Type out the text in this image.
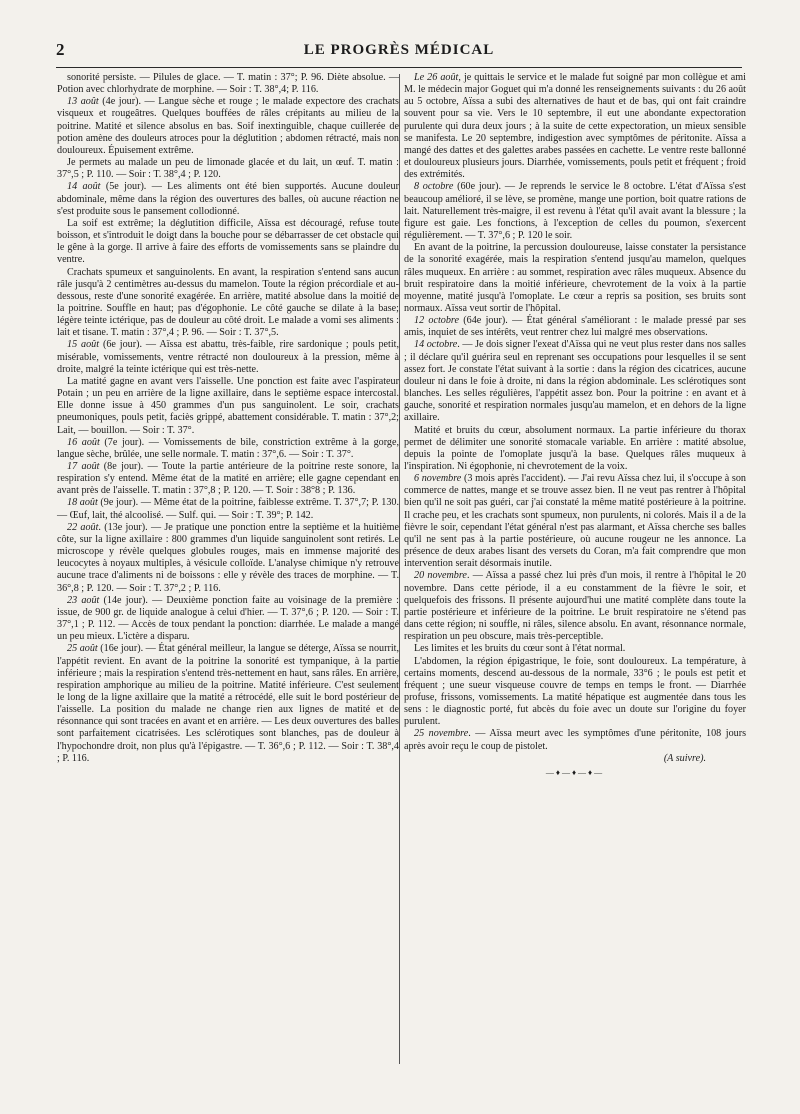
2	LE PROGRÈS MÉDICAL

sonorité persiste. — Pilules de glace. — T. matin : 37°; P. 96. Diète absolue. — Potion avec chlorhydrate de morphine. — Soir : T. 38°,4; P. 116.

13 août (4e jour). — Langue sèche et rouge ; le malade expectore des crachats visqueux et rougeâtres. Quelques bouffées de râles crépitants au milieu de la poitrine. Matité et silence absolus en bas. Soif inextinguible, chaque cuillerée de potion amène des douleurs atroces pour la déglutition ; abdomen rétracté, mais non douloureux. Épuisement extrême.

Je permets au malade un peu de limonade glacée et du lait, un œuf. T. matin : 37°,5 ; P. 110. — Soir : T. 38°,4 ; P. 120.

14 août (5e jour). — Les aliments ont été bien supportés. Aucune douleur abdominale, même dans la région des ouvertures des balles, où aucune réaction ne s'est produite sous le pansement collodionné.

La soif est extrême; la déglutition difficile, Aïssa est découragé, refuse toute boisson, et s'introduit le doigt dans la bouche pour se débarrasser de cet obstacle qui le gêne à la gorge. Il arrive à faire des efforts de vomissements sans se plaindre du ventre.

Crachats spumeux et sanguinolents. En avant, la respiration s'entend sans aucun râle jusqu'à 2 centimètres au-dessus du mamelon. Toute la région précordiale et au-dessous, reste d'une sonorité exagérée. En arrière, matité absolue dans la moitié de la poitrine. Souffle en haut; pas d'égophonie. Le côté gauche se dilate à la base; légère teinte ictérique, pas de douleur au côté droit. Le malade a vomi ses aliments : lait et tisane. T. matin : 37°,4 ; P. 96. — Soir : T. 37°,5.

15 août (6e jour). — Aïssa est abattu, très-faible, rire sardonique ; pouls petit, misérable, vomissements, ventre rétracté non douloureux à la pression, même à droite, malgré la teinte ictérique qui est très-nette.

La matité gagne en avant vers l'aisselle. Une ponction est faite avec l'aspirateur Potain ; un peu en arrière de la ligne axillaire, dans le septième espace intercostal. Elle donne issue à 450 grammes d'un pus sanguinolent. Le soir, crachats pneumoniques, pouls petit, faciès grippé, abattement considérable. T. matin : 37°,2; Lait, — bouillon. — Soir : T. 37°.

16 août (7e jour). — Vomissements de bile, constriction extrême à la gorge, langue sèche, brûlée, une selle normale. T. matin : 37°,6. — Soir : T. 37°.

17 août (8e jour). — Toute la partie antérieure de la poitrine reste sonore, la respiration s'y entend. Même état de la matité en arrière; elle gagne cependant en avant près de l'aisselle. T. matin : 37°,8 ; P. 120. — T. Soir : 38°8 ; P. 136.

18 août (9e jour). — Même état de la poitrine, faiblesse extrême. T. 37°,7; P. 130. — Œuf, lait, thé alcoolisé. — Sulf. qui. — Soir : T. 39°; P. 142.

22 août. (13e jour). — Je pratique une ponction entre la septième et la huitième côte, sur la ligne axillaire : 800 grammes d'un liquide sanguinolent sont retirés. Le microscope y révèle quelques globules rouges, mais en immense majorité des leucocytes à noyaux multiples, à vésicule colloïde. L'analyse chimique n'y retrouve aucune trace d'aliments ni de boissons : elle y révèle des traces de morphine. — T. 36°,8 ; P. 120. — Soir : T. 37°,2 ; P. 116.

23 août (14e jour). — Deuxième ponction faite au voisinage de la première : issue, de 900 gr. de liquide analogue à celui d'hier. — T. 37°,6 ; P. 120. — Soir : T. 37°,1 ; P. 112. — Accès de toux pendant la ponction: diarrhée. Le malade a mangé un peu mieux. L'ictère a disparu.

25 août (16e jour). — État général meilleur, la langue se déterge, Aïssa se nourrit, l'appétit revient. En avant de la poitrine la sonorité est tympanique, à la partie inférieure ; mais la respiration s'entend très-nettement en haut, sans râles. En arrière, respiration amphorique au milieu de la poitrine. Matité inférieure. C'est seulement le long de la ligne axillaire que la matité a rétrocédé, elle suit le bord postérieur de l'aisselle. La position du malade ne change rien aux lignes de matité et de résonnance qui sont tracées en avant et en arrière. — Les deux ouvertures des balles sont parfaitement cicatrisées. Les sclérotiques sont blanches, pas de douleur à l'hypochondre droit, non plus qu'à l'épigastre. — T. 36°,6 ; P. 112. — Soir : T. 38°,4 ; P. 116.

Le 26 août, je quittais le service et le malade fut soigné par mon collègue et ami M. le médecin major Goguet qui m'a donné les renseignements suivants : du 26 août au 5 octobre, Aïssa a subi des alternatives de haut et de bas, qui ont fait craindre souvent pour sa vie. Vers le 10 septembre, il eut une abondante expectoration purulente qui dura deux jours ; à la suite de cette expectoration, un mieux sensible se manifesta. Le 20 septembre, indigestion avec symptômes de péritonite. Aïssa a mangé des dattes et des galettes arabes passées en cachette. Le ventre reste ballonné et douloureux plusieurs jours. Diarrhée, vomissements, pouls petit et fréquent ; froid des extrémités.

8 octobre (60e jour). — Je reprends le service le 8 octobre. L'état d'Aïssa s'est beaucoup amélioré, il se lève, se promène, mange une portion, boit quatre rations de lait. Naturellement très-maigre, il est revenu à l'état qu'il avait avant la blessure ; la figure est gaie. Les fonctions, à l'exception de celles du poumon, s'exercent régulièrement. — T. 37°,6 ; P. 120 le soir.

En avant de la poitrine, la percussion douloureuse, laisse constater la persistance de la sonorité exagérée, mais la respiration s'entend jusqu'au mamelon, quelques râles muqueux. En arrière : au sommet, respiration avec râles muqueux. Absence du bruit respiratoire dans la moitié inférieure, chevrotement de la voix à la partie moyenne, matité jusqu'à l'omoplate. Le cœur a repris sa position, ses bruits sont normaux. Aïssa veut sortir de l'hôpital.

12 octobre (64e jour). — État général s'améliorant : le malade pressé par ses amis, inquiet de ses intérêts, veut rentrer chez lui malgré mes observations.

14 octobre. — Je dois signer l'exeat d'Aïssa qui ne veut plus rester dans nos salles ; il déclare qu'il guérira seul en reprenant ses occupations pour lesquelles il se sent assez fort. Je constate l'état suivant à la sortie : dans la région des cicatrices, aucune douleur ni dans le foie à droite, ni dans la région abdominale. Les sclérotiques sont blanches. Les selles régulières, l'appétit assez bon. Pour la poitrine : en avant et à gauche, sonorité et respiration normales jusqu'au mamelon, et en dehors de la ligne axillaire.

Matité et bruits du cœur, absolument normaux. La partie inférieure du thorax permet de délimiter une sonorité stomacale variable. En arrière : matité absolue, depuis la pointe de l'omoplate jusqu'à la base. Quelques râles muqueux à l'inspiration. Ni égophonie, ni chevrotement de la voix.

6 novembre (3 mois après l'accident). — J'ai revu Aïssa chez lui, il s'occupe à son commerce de nattes, mange et se trouve assez bien. Il ne veut pas rentrer à l'hôpital bien qu'il ne soit pas guéri, car j'ai constaté la même matité postérieure à la poitrine. Il crache peu, et les crachats sont spumeux, non purulents, ni colorés. Mais il a de la fièvre le soir, cependant l'état général n'est pas alarmant, et Aïssa cherche ses balles qu'il ne sent pas à la partie postérieure, où aucune rougeur ne les annonce. La présence de deux arabes lisant des versets du Coran, m'a fait comprendre que mon intervention serait désormais inutile.

20 novembre. — Aïssa a passé chez lui près d'un mois, il rentre à l'hôpital le 20 novembre. Dans cette période, il a eu constamment de la fièvre le soir, et quelquefois des frissons. Il présente aujourd'hui une matité complète dans toute la partie postérieure et inférieure de la poitrine. Le bruit respiratoire ne s'étend pas dans cette région; ni souffle, ni râles, silence absolu. En avant, résonnance normale, respiration un peu obscure, mais très-perceptible.

Les limites et les bruits du cœur sont à l'état normal.

L'abdomen, la région épigastrique, le foie, sont douloureux. La température, à certains moments, descend au-dessous de la normale, 33°6 ; le pouls est petit et fréquent ; une sueur visqueuse couvre de temps en temps le front. — Diarrhée profuse, frissons, vomissements. La matité hépatique est augmentée dans tous les sens : le diagnostic porté, fut abcès du foie avec un doute sur l'origine du foyer purulent.

25 novembre. — Aïssa meurt avec les symptômes d'une péritonite, 108 jours après avoir reçu le coup de pistolet.

(A suivre).

—♦—♦—♦—
